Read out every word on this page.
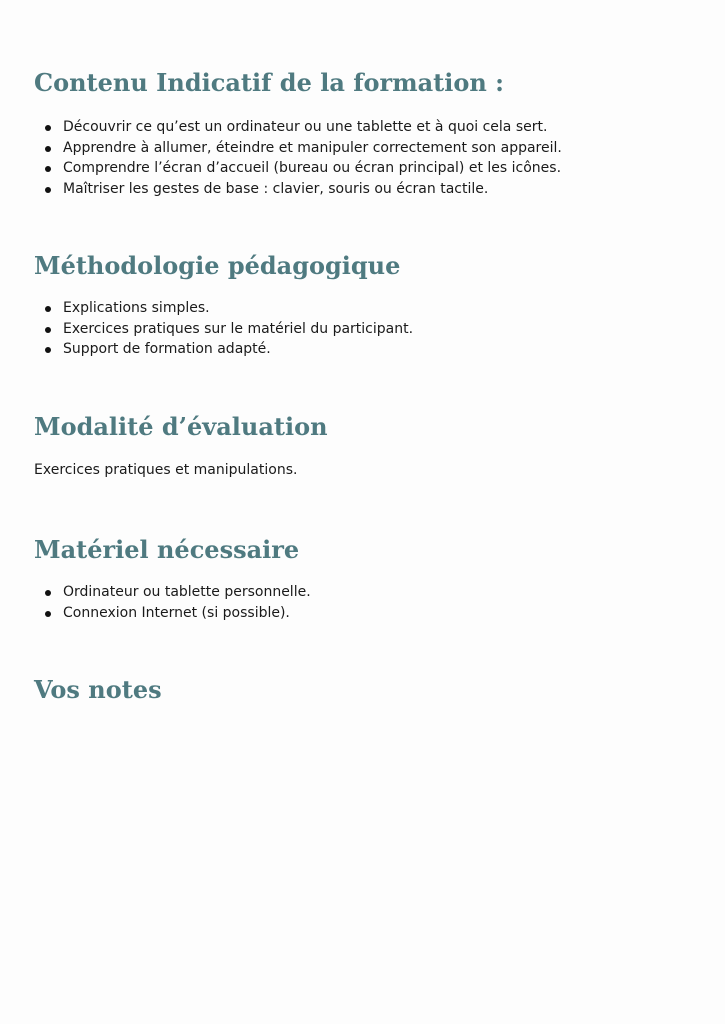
Contenu Indicatif de la formation :
Découvrir ce qu’est un ordinateur ou une tablette et à quoi cela sert.
Apprendre à allumer, éteindre et manipuler correctement son appareil.
Comprendre l’écran d’accueil (bureau ou écran principal) et les icônes.
Maîtriser les gestes de base : clavier, souris ou écran tactile.
Méthodologie pédagogique
Explications simples.
Exercices pratiques sur le matériel du participant.
Support de formation adapté.
Modalité d’évaluation

Exercices pratiques et manipulations.

Matériel nécessaire
Ordinateur ou tablette personnelle.
Connexion Internet (si possible).
Vos notes
